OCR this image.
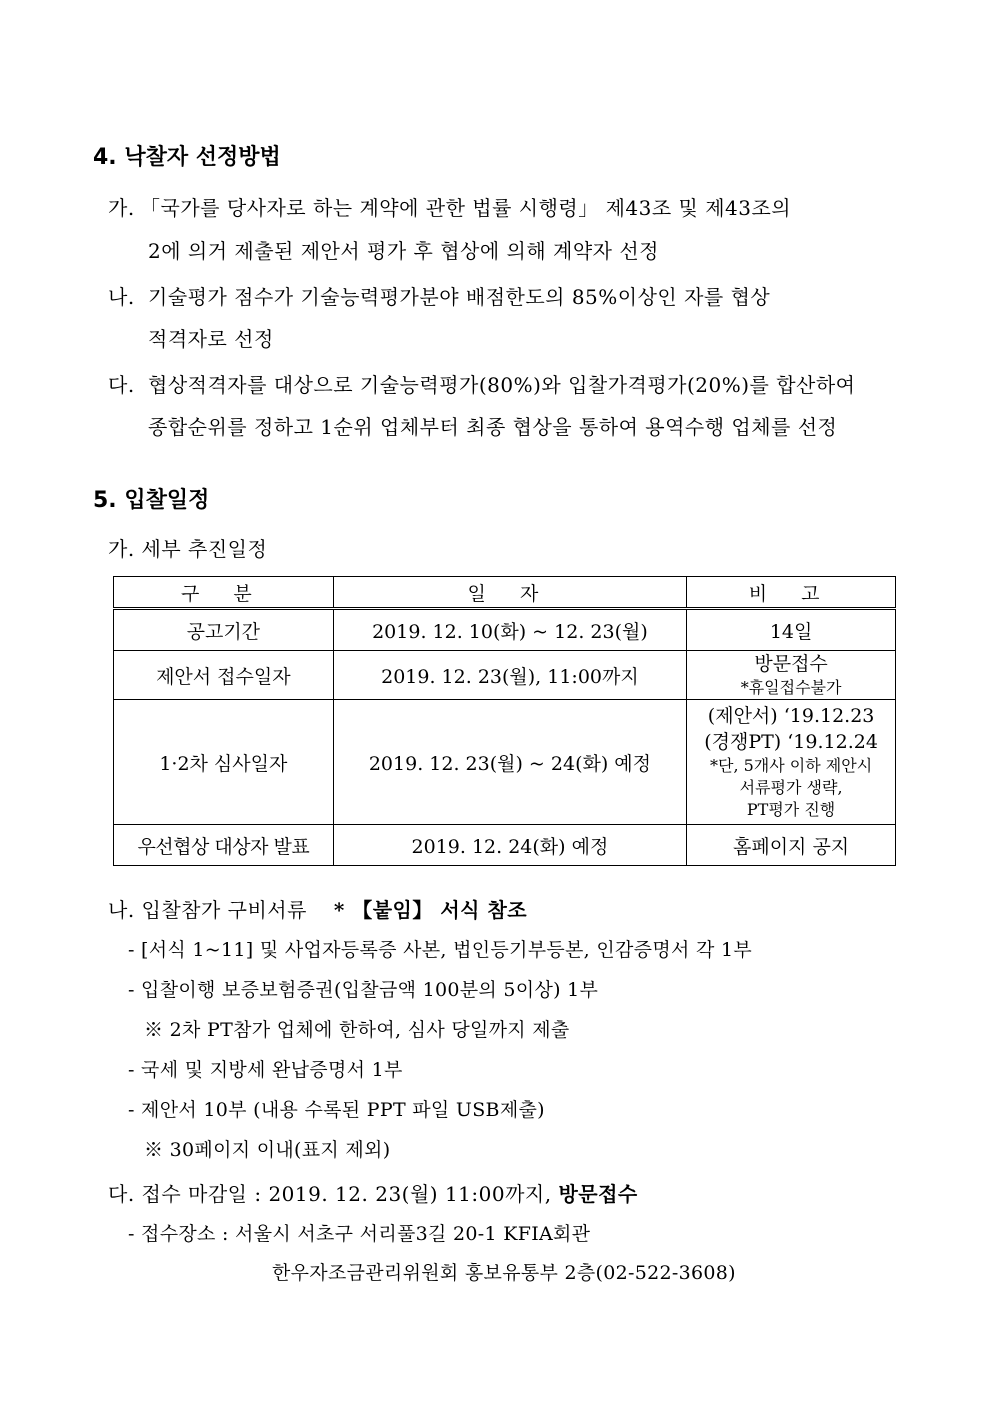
4. 낙찰자 선정방법
가. 「국가를 당사자로 하는 계약에 관한 법률 시행령」 제43조 및 제43조의
2에 의거 제출된 제안서 평가 후 협상에 의해 계약자 선정
나. 기술평가 점수가 기술능력평가분야 배점한도의 85%이상인 자를 협상
적격자로 선정
다. 협상적격자를 대상으로 기술능력평가(80%)와 입찰가격평가(20%)를 합산하여
종합순위를 정하고 1순위 업체부터 최종 협상을 통하여 용역수행 업체를 선정
5. 입찰일정
가. 세부 추진일정
구 분	일 자	비 고
공고기간	2019. 12. 10(화) ~ 12. 23(월)	14일
제안서 접수일자	2019. 12. 23(월), 11:00까지	방문접수
*휴일접수불가

1·2차 심사일자	2019. 12. 23(월) ~ 24(화) 예정	(제안서) ‘19.12.23
(경쟁PT) ‘19.12.24
*단, 5개사 이하 제안시
서류평가 생략,
PT평가 진행

우선협상 대상자 발표	2019. 12. 24(화) 예정	홈페이지 공지
나. 입찰참가 구비서류 * 【붙임】 서식 참조
- [서식 1~11] 및 사업자등록증 사본, 법인등기부등본, 인감증명서 각 1부
- 입찰이행 보증보험증권(입찰금액 100분의 5이상) 1부
※ 2차 PT참가 업체에 한하여, 심사 당일까지 제출
- 국세 및 지방세 완납증명서 1부
- 제안서 10부 (내용 수록된 PPT 파일 USB제출)
※ 30페이지 이내(표지 제외)
다. 접수 마감일 : 2019. 12. 23(월) 11:00까지, 방문접수
- 접수장소 : 서울시 서초구 서리풀3길 20-1 KFIA회관
한우자조금관리위원회 홍보유통부 2층(02-522-3608)
